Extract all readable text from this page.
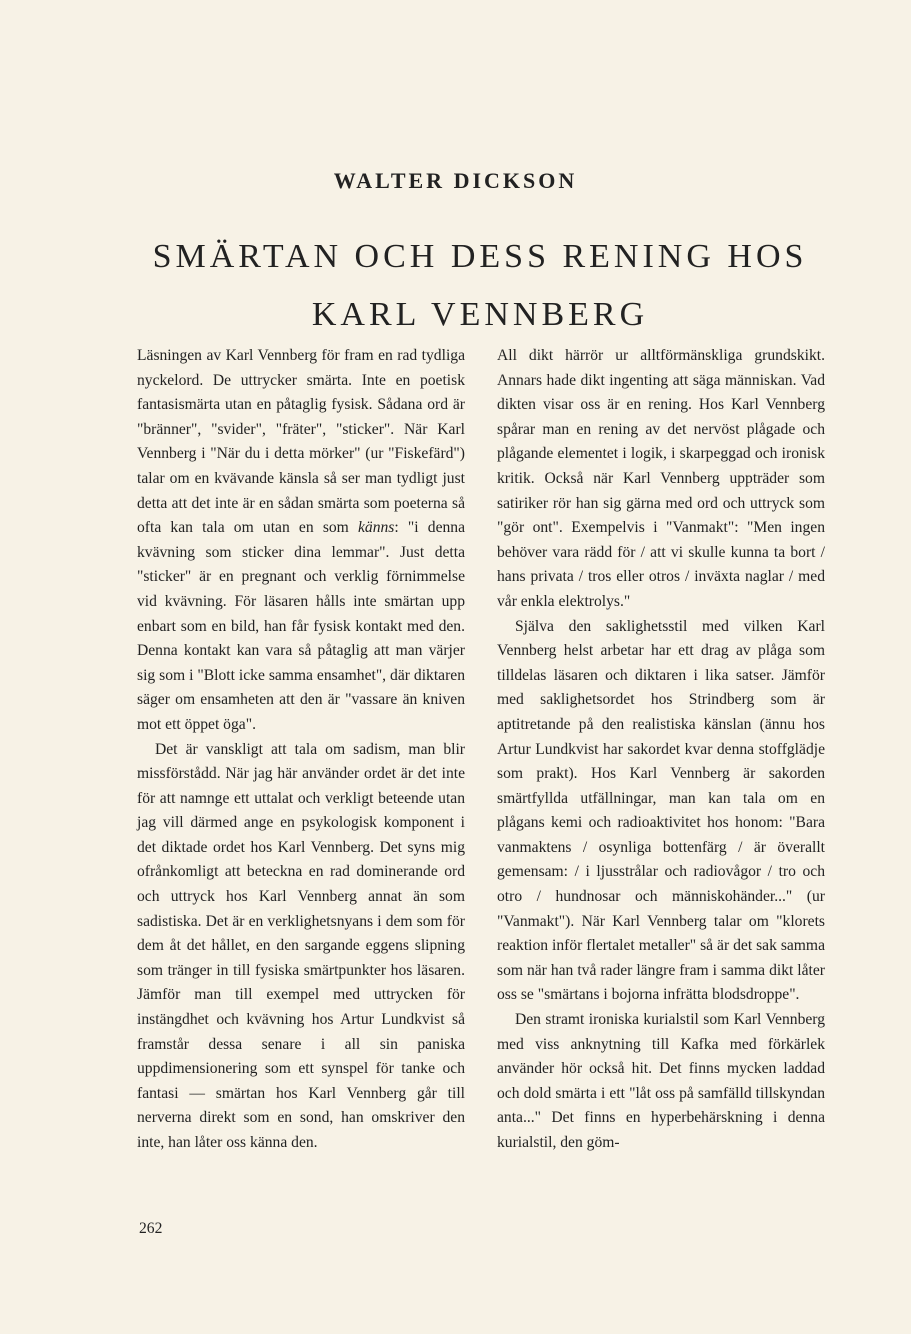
WALTER DICKSON
SMÄRTAN OCH DESS RENING HOS
KARL VENNBERG

Läsningen av Karl Vennberg för fram en rad tydliga nyckelord. De uttrycker smärta. Inte en poetisk fantasismärta utan en påtaglig fysisk. Sådana ord är "bränner", "svider", "fräter", "sticker". När Karl Vennberg i "När du i detta mörker" (ur "Fiskefärd") talar om en kvävande känsla så ser man tydligt just detta att det inte är en sådan smärta som poeterna så ofta kan tala om utan en som känns: "i denna kvävning som sticker dina lemmar". Just detta "sticker" är en pregnant och verklig förnimmelse vid kvävning. För läsaren hålls inte smärtan upp enbart som en bild, han får fysisk kontakt med den. Denna kontakt kan vara så påtaglig att man värjer sig som i "Blott icke samma ensamhet", där diktaren säger om ensamheten att den är "vassare än kniven mot ett öppet öga".

Det är vanskligt att tala om sadism, man blir missförstådd. När jag här använder ordet är det inte för att namnge ett uttalat och verkligt beteende utan jag vill därmed ange en psykologisk komponent i det diktade ordet hos Karl Vennberg. Det syns mig ofrånkomligt att beteckna en rad dominerande ord och uttryck hos Karl Vennberg annat än som sadistiska. Det är en verklighetsnyans i dem som för dem åt det hållet, en den sargande eggens slipning som tränger in till fysiska smärtpunkter hos läsaren. Jämför man till exempel med uttrycken för instängdhet och kvävning hos Artur Lundkvist så framstår dessa senare i all sin paniska uppdimensionering som ett synspel för tanke och fantasi — smärtan hos Karl Vennberg går till nerverna direkt som en sond, han omskriver den inte, han låter oss känna den.

All dikt härrör ur alltförmänskliga grundskikt. Annars hade dikt ingenting att säga människan. Vad dikten visar oss är en rening. Hos Karl Vennberg spårar man en rening av det nervöst plågade och plågande elementet i logik, i skarpeggad och ironisk kritik. Också när Karl Vennberg uppträder som satiriker rör han sig gärna med ord och uttryck som "gör ont". Exempelvis i "Vanmakt": "Men ingen behöver vara rädd för / att vi skulle kunna ta bort / hans privata / tros eller otros / inväxta naglar / med vår enkla elektrolys."

Själva den saklighetsstil med vilken Karl Vennberg helst arbetar har ett drag av plåga som tilldelas läsaren och diktaren i lika satser. Jämför med saklighetsordet hos Strindberg som är aptitretande på den realistiska känslan (ännu hos Artur Lundkvist har sakordet kvar denna stoffglädje som prakt). Hos Karl Vennberg är sakorden smärtfyllda utfällningar, man kan tala om en plågans kemi och radioaktivitet hos honom: "Bara vanmaktens / osynliga bottenfärg / är överallt gemensam: / i ljusstrålar och radiovågor / tro och otro / hundnosar och människohänder..." (ur "Vanmakt"). När Karl Vennberg talar om "klorets reaktion inför flertalet metaller" så är det sak samma som när han två rader längre fram i samma dikt låter oss se "smärtans i bojorna infrätta blodsdroppe".

Den stramt ironiska kurialstil som Karl Vennberg med viss anknytning till Kafka med förkärlek använder hör också hit. Det finns mycken laddad och dold smärta i ett "låt oss på samfälld tillskyndan anta..." Det finns en hyperbehärskning i denna kurialstil, den göm-

262
